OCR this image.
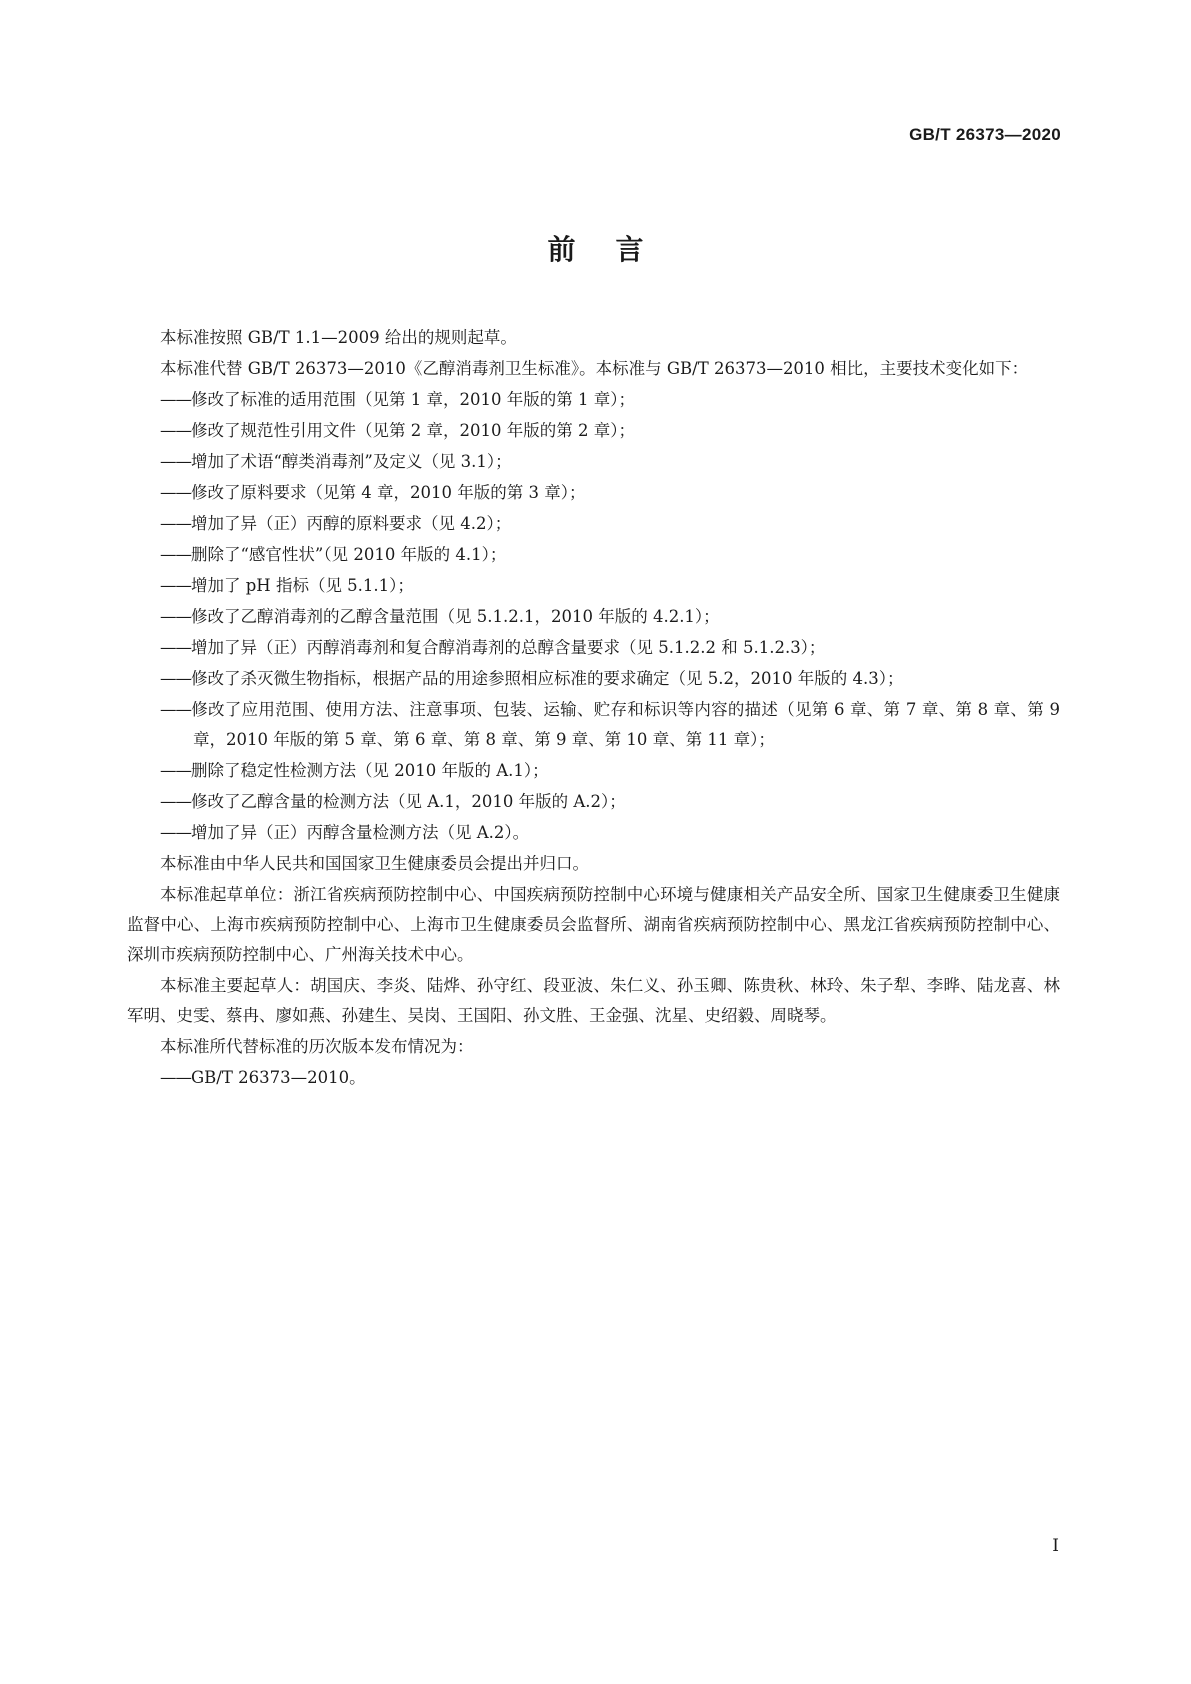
GB/T 26373—2020
前言

本标准按照 GB/T 1.1—2009 给出的规则起草。

本标准代替 GB/T 26373—2010《乙醇消毒剂卫生标准》。本标准与 GB/T 26373—2010 相比，主要技术变化如下：

——修改了标准的适用范围（见第 1 章，2010 年版的第 1 章）；

——修改了规范性引用文件（见第 2 章，2010 年版的第 2 章）；

——增加了术语“醇类消毒剂”及定义（见 3.1）；

——修改了原料要求（见第 4 章，2010 年版的第 3 章）；

——增加了异（正）丙醇的原料要求（见 4.2）；

——删除了“感官性状”（见 2010 年版的 4.1）；

——增加了 pH 指标（见 5.1.1）；

——修改了乙醇消毒剂的乙醇含量范围（见 5.1.2.1，2010 年版的 4.2.1）；

——增加了异（正）丙醇消毒剂和复合醇消毒剂的总醇含量要求（见 5.1.2.2 和 5.1.2.3）；

——修改了杀灭微生物指标，根据产品的用途参照相应标准的要求确定（见 5.2，2010 年版的 4.3）；

——修改了应用范围、使用方法、注意事项、包装、运输、贮存和标识等内容的描述（见第 6 章、第 7 章、第 8 章、第 9 章，2010 年版的第 5 章、第 6 章、第 8 章、第 9 章、第 10 章、第 11 章）；

——删除了稳定性检测方法（见 2010 年版的 A.1）；

——修改了乙醇含量的检测方法（见 A.1，2010 年版的 A.2）；

——增加了异（正）丙醇含量检测方法（见 A.2）。

本标准由中华人民共和国国家卫生健康委员会提出并归口。

本标准起草单位：浙江省疾病预防控制中心、中国疾病预防控制中心环境与健康相关产品安全所、国家卫生健康委卫生健康监督中心、上海市疾病预防控制中心、上海市卫生健康委员会监督所、湖南省疾病预防控制中心、黑龙江省疾病预防控制中心、深圳市疾病预防控制中心、广州海关技术中心。

本标准主要起草人：胡国庆、李炎、陆烨、孙守红、段亚波、朱仁义、孙玉卿、陈贵秋、林玲、朱子犁、李晔、陆龙喜、林军明、史雯、蔡冉、廖如燕、孙建生、吴岗、王国阳、孙文胜、王金强、沈星、史绍毅、周晓琴。

本标准所代替标准的历次版本发布情况为：

——GB/T 26373—2010。

I
